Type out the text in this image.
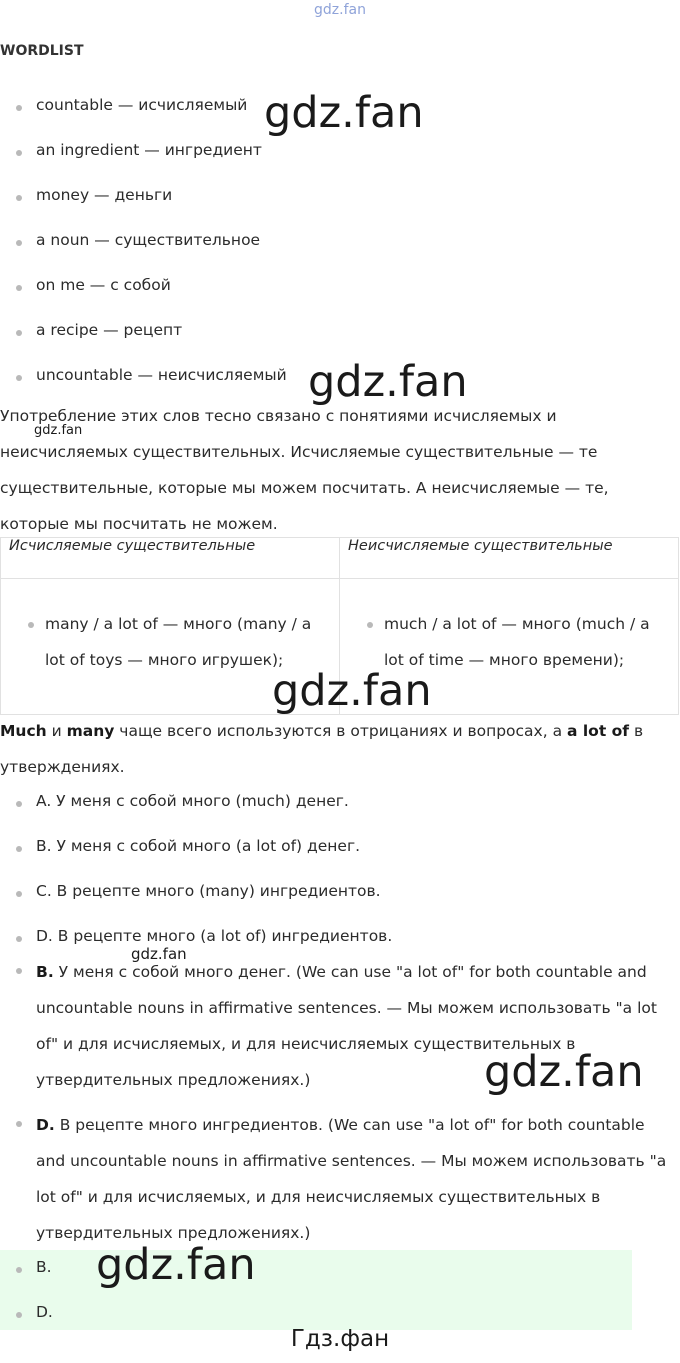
gdz.fan
WORDLIST
countable — исчисляемый
an ingredient — ингредиент
money — деньги
a noun — существительное
on me — с собой
a recipe — рецепт
uncountable — неисчисляемый
Употребление этих слов тесно связано с понятиями исчисляемых и неисчисляемых существительных. Исчисляемые существительные — те существительные, которые мы можем посчитать. А неисчисляемые — те, которые мы посчитать не можем.
Исчисляемые существительные	Неисчисляемые существительные

many / a lot of — много (many / a lot of toys — много игрушек);	much / a lot of — много (much / a lot of time — много времени);
Much и many чаще всего используются в отрицаниях и вопросах, а a lot of в утверждениях.
A. У меня с собой много (much) денег.
B. У меня с собой много (a lot of) денег.
C. В рецепте много (many) ингредиентов.
D. В рецепте много (a lot of) ингредиентов.
B. У меня с собой много денег. (We can use "a lot of" for both countable and uncountable nouns in affirmative sentences. — Мы можем использовать "a lot of" и для исчисляемых, и для неисчисляемых существительных в утвердительных предложениях.)
D. В рецепте много ингредиентов. (We can use "a lot of" for both countable and uncountable nouns in affirmative sentences. — Мы можем использовать "a lot of" и для исчисляемых, и для неисчисляемых существительных в утвердительных предложениях.)
B.
D.
gdz.fan
gdz.fan
gdz.fan
gdz.fan
gdz.fan
gdz.fan
gdz.fan
Гдз.фан
